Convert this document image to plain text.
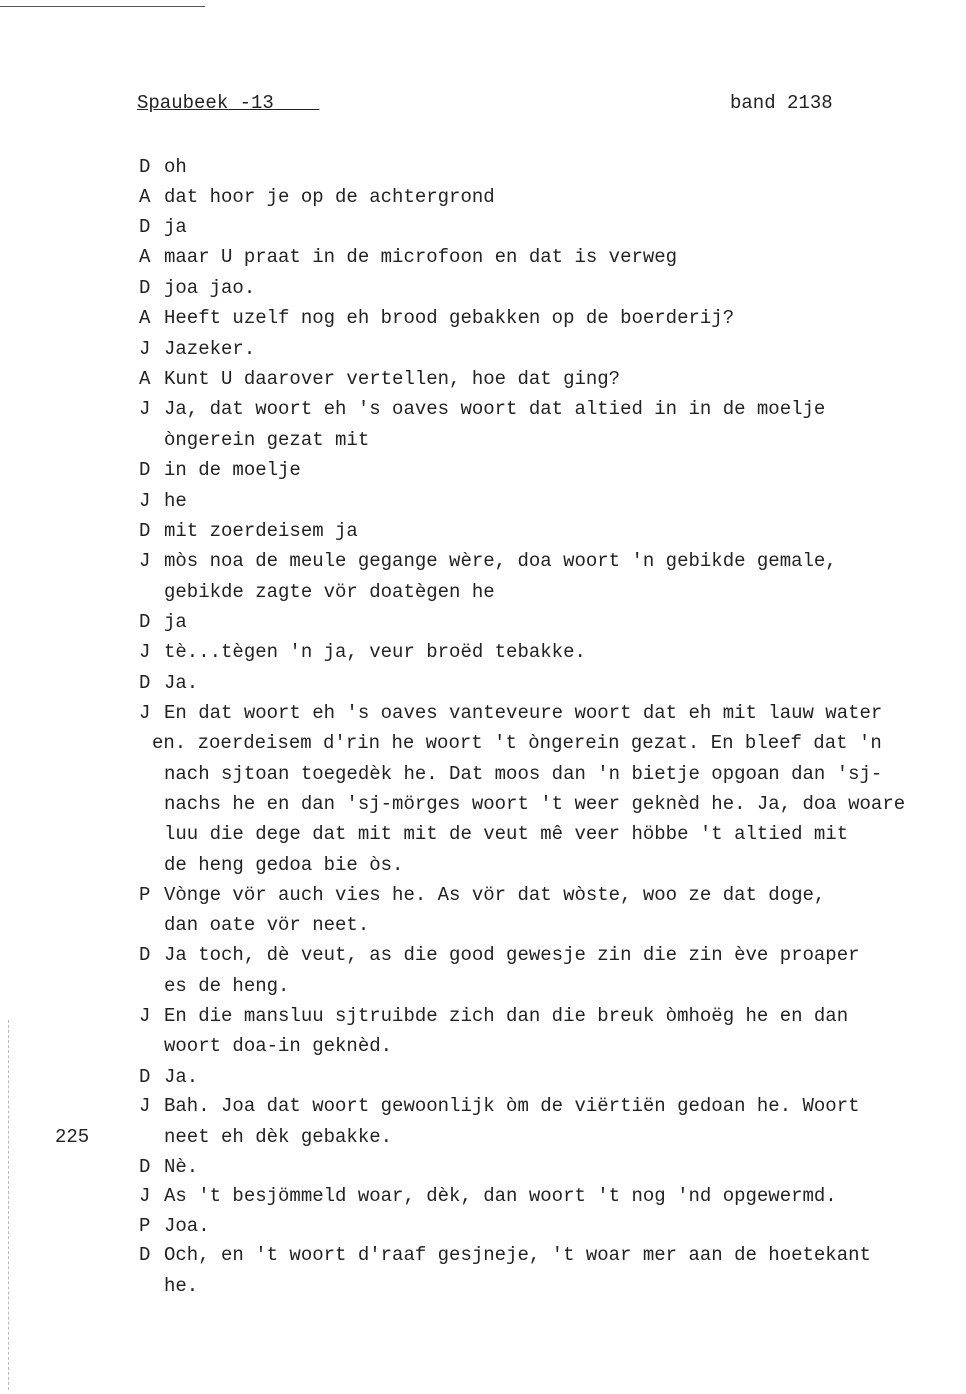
Spaubeek -13	band 2138
225
D oh
A dat hoor je op de achtergrond
D ja
A maar U praat in de microfoon en dat is verweg
D joa jao.
A Heeft uzelf nog eh brood gebakken op de boerderij?
J Jazeker.
A Kunt U daarover vertellen, hoe dat ging?
J Ja, dat woort eh 's oaves woort dat altied in in de moelje
òngerein gezat mit
D in de moelje
J he
D mit zoerdeisem ja
J mòs noa de meule gegange wère, doa woort 'n gebikde gemale,
gebikde zagte vör doatègen he
D ja
J tè...tègen 'n ja, veur broëd tebakke.
D Ja.
J En dat woort eh 's oaves vanteveure woort dat eh mit lauw water
en. zoerdeisem d'rin he woort 't òngerein gezat. En bleef dat 'n
nach sjtoan toegedèk he. Dat moos dan 'n bietje opgoan dan 'sj-
nachs he en dan 'sj-mörges woort 't weer geknèd he. Ja, doa woare
luu die dege dat mit mit de veut mê veer höbbe 't altied mit
de heng gedoa bie òs.
P Vònge vör auch vies he. As vör dat wòste, woo ze dat doge,
dan oate vör neet.
D Ja toch, dè veut, as die good gewesje zin die zin ève proaper
es de heng.
J En die mansluu sjtruibde zich dan die breuk òmhoëg he en dan
woort doa-in geknèd.
D Ja.
J Bah. Joa dat woort gewoonlijk òm de viërtiën gedoan he. Woort
neet eh dèk gebakke.
D Nè.
J As 't besjömmeld woar, dèk, dan woort 't nog 'nd opgewermd.
P Joa.
D Och, en 't woort d'raaf gesjneje, 't woar mer aan de hoetekant
he.
